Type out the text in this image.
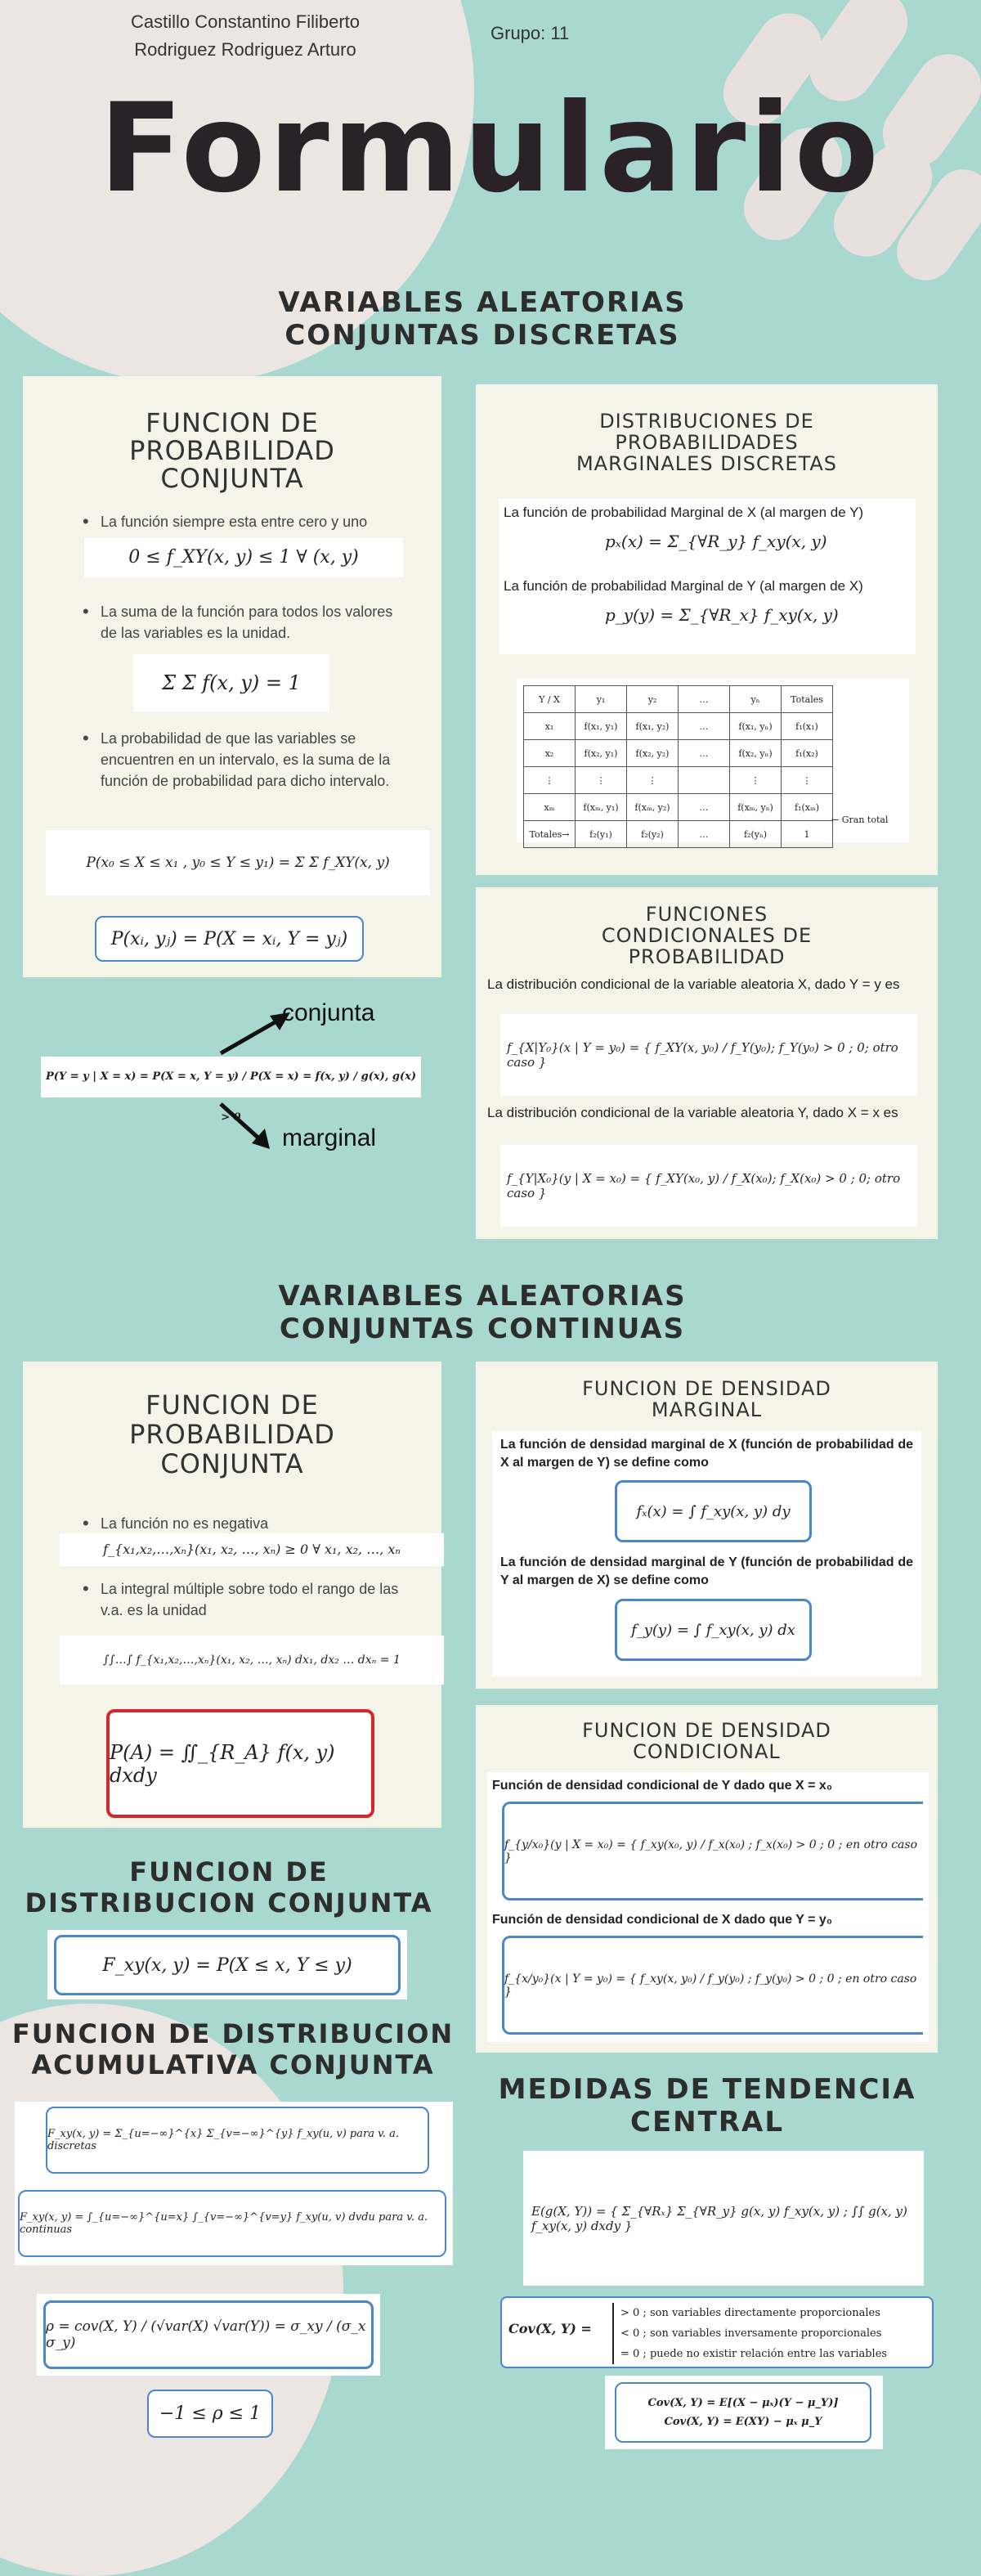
Castillo Constantino Filiberto
Rodriguez Rodriguez Arturo
Grupo: 11
Formulario
VARIABLES ALEATORIAS
CONJUNTAS DISCRETAS
FUNCION DE
PROBABILIDAD
CONJUNTA
• La función siempre esta entre cero y uno
0 ≤ f_XY(x, y) ≤ 1 ∀ (x, y)
• La suma de la función para todos los valores de las variables es la unidad.
Σ Σ f(x, y) = 1
• La probabilidad de que las variables se encuentren en un intervalo, es la suma de la función de probabilidad para dicho intervalo.
P(x₀ ≤ X ≤ x₁ , y₀ ≤ Y ≤ y₁) = Σ Σ f_XY(x, y)
P(xᵢ, yⱼ) = P(X = xᵢ, Y = yⱼ)
P(Y = y | X = x) = P(X = x, Y = y) / P(X = x) = f(x, y) / g(x), g(x) > 0
conjunta
marginal
DISTRIBUCIONES DE
PROBABILIDADES
MARGINALES DISCRETAS
La función de probabilidad Marginal de X (al margen de Y)
pₓ(x) = Σ_{∀R_y} f_xy(x, y)
La función de probabilidad Marginal de Y (al margen de X)
p_y(y) = Σ_{∀R_x} f_xy(x, y)
Y / X	y₁	y₂	…	yₙ	Totales
x₁	f(x₁, y₁)	f(x₁, y₂)	…	f(x₁, yₙ)	f₁(x₁)
x₂	f(x₂, y₁)	f(x₂, y₂)	…	f(x₂, yₙ)	f₁(x₂)
⋮	⋮	⋮		⋮	⋮
xₘ	f(xₘ, y₁)	f(xₘ, y₂)	…	f(xₘ, yₙ)	f₁(xₘ)
Totales→	f₂(y₁)	f₂(y₂)	…	f₂(yₙ)	1
← Gran total
FUNCIONES
CONDICIONALES DE
PROBABILIDAD
La distribución condicional de la variable aleatoria X, dado Y = y es
f_{X|Y₀}(x | Y = y₀) = { f_XY(x, y₀) / f_Y(y₀); f_Y(y₀) > 0 ; 0; otro caso }
La distribución condicional de la variable aleatoria Y, dado X = x es
f_{Y|X₀}(y | X = x₀) = { f_XY(x₀, y) / f_X(x₀); f_X(x₀) > 0 ; 0; otro caso }
VARIABLES ALEATORIAS
CONJUNTAS CONTINUAS
FUNCION DE
PROBABILIDAD
CONJUNTA
• La función no es negativa
f_{x₁,x₂,…,xₙ}(x₁, x₂, …, xₙ) ≥ 0 ∀ x₁, x₂, …, xₙ
• La integral múltiple sobre todo el rango de las v.a. es la unidad
∫∫…∫ f_{x₁,x₂,…,xₙ}(x₁, x₂, …, xₙ) dx₁, dx₂ … dxₙ = 1
P(A) = ∬_{R_A} f(x, y) dxdy
FUNCION DE DENSIDAD
MARGINAL
La función de densidad marginal de X (función de probabilidad de X al margen de Y) se define como
fₓ(x) = ∫ f_xy(x, y) dy
La función de densidad marginal de Y (función de probabilidad de Y al margen de X) se define como
f_y(y) = ∫ f_xy(x, y) dx
FUNCION DE DENSIDAD
CONDICIONAL
Función de densidad condicional de Y dado que X = x₀
f_{y/x₀}(y | X = x₀) = { f_xy(x₀, y) / f_x(x₀) ; f_x(x₀) > 0 ; 0 ; en otro caso }
Función de densidad condicional de X dado que Y = y₀
f_{x/y₀}(x | Y = y₀) = { f_xy(x, y₀) / f_y(y₀) ; f_y(y₀) > 0 ; 0 ; en otro caso }
FUNCION DE
DISTRIBUCION CONJUNTA
F_xy(x, y) = P(X ≤ x, Y ≤ y)
FUNCION DE DISTRIBUCION
ACUMULATIVA CONJUNTA
F_xy(x, y) = Σ_{u=−∞}^{x} Σ_{v=−∞}^{y} f_xy(u, v) para v. a. discretas
F_xy(x, y) = ∫_{u=−∞}^{u=x} ∫_{v=−∞}^{v=y} f_xy(u, v) dvdu para v. a. continuas
ρ = cov(X, Y) / (√var(X) √var(Y)) = σ_xy / (σ_x σ_y)
−1 ≤ ρ ≤ 1
MEDIDAS DE TENDENCIA
CENTRAL
E(g(X, Y)) = { Σ_{∀Rₓ} Σ_{∀R_y} g(x, y) f_xy(x, y) ; ∫∫ g(x, y) f_xy(x, y) dxdy }
Cov(X, Y) =
> 0 ; son variables directamente proporcionales
< 0 ; son variables inversamente proporcionales
= 0 ; puede no existir relación entre las variables
Cov(X, Y) = E[(X − μₓ)(Y − μ_Y)]
Cov(X, Y) = E(XY) − μₓ μ_Y
